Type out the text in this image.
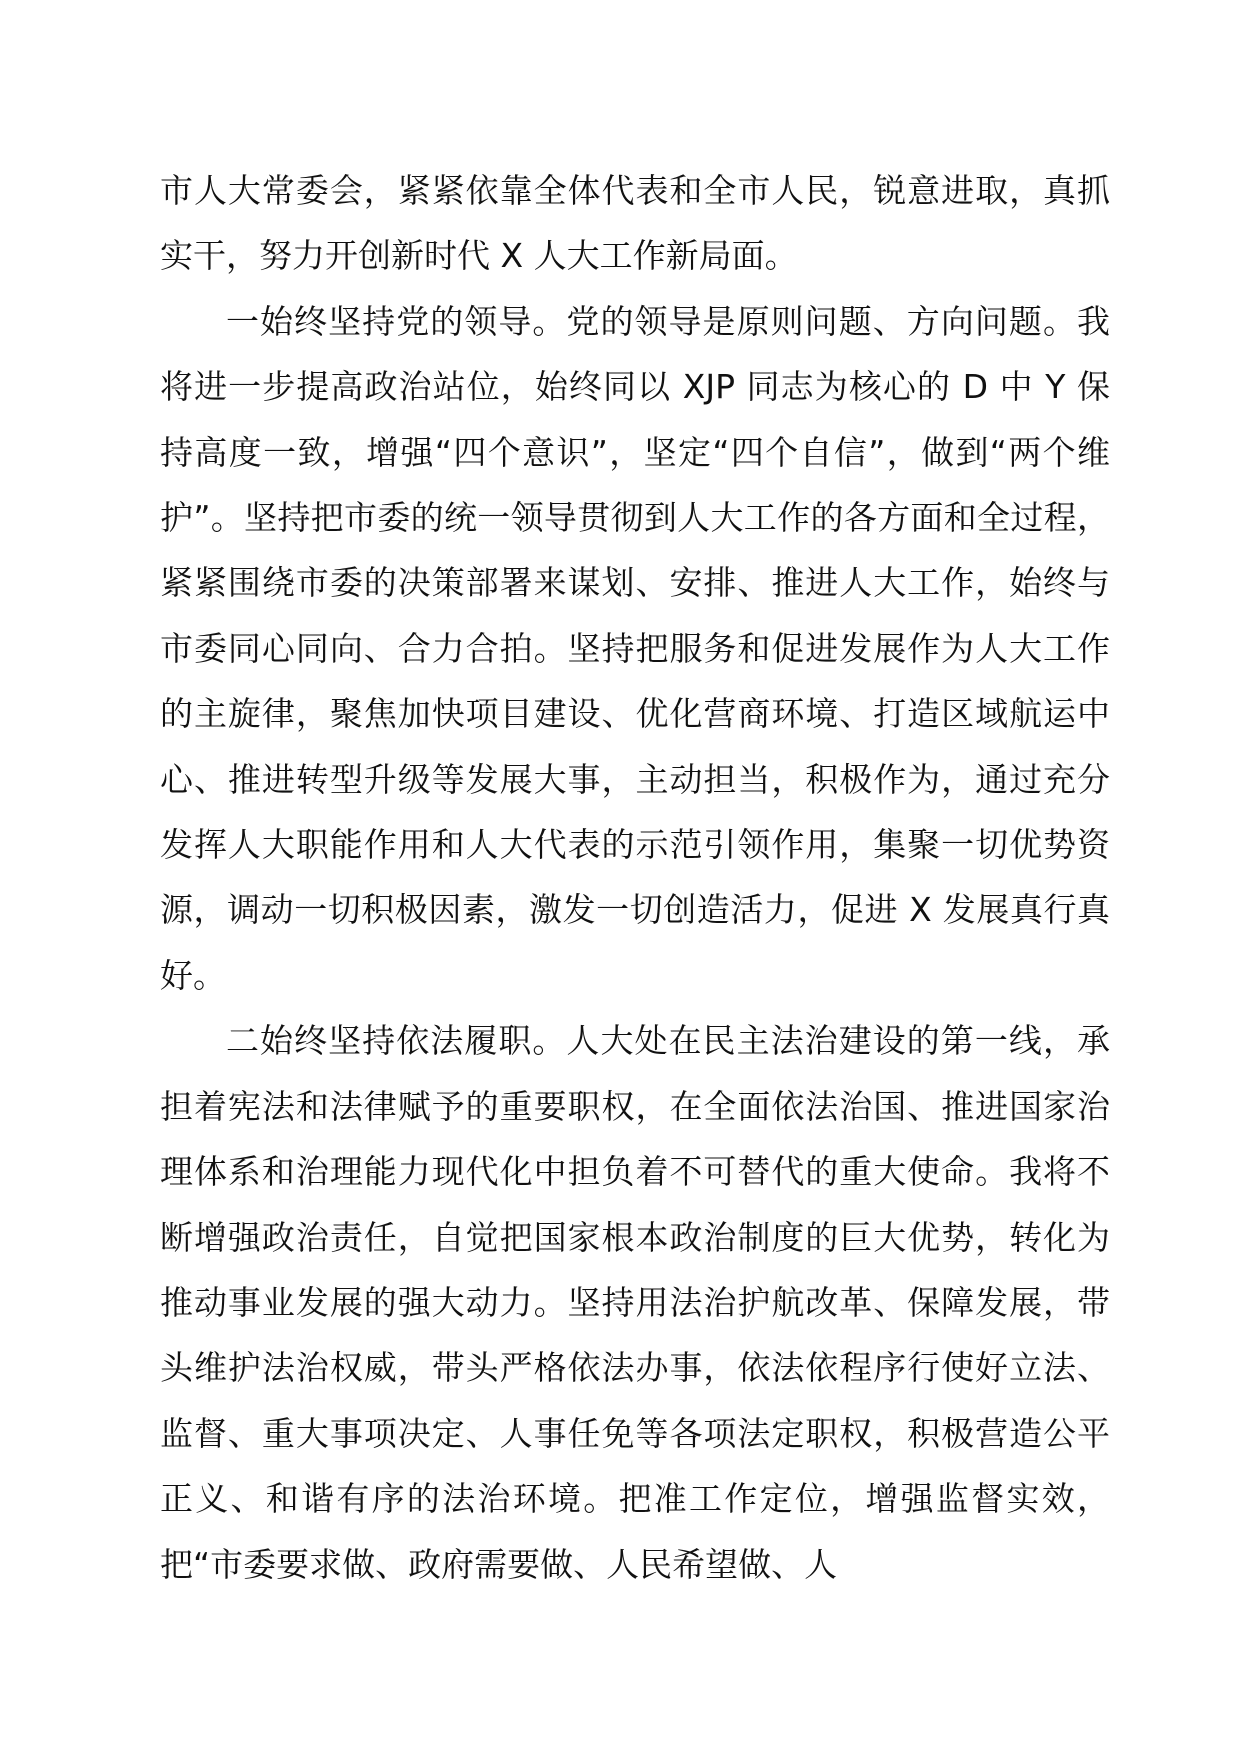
市人大常委会，紧紧依靠全体代表和全市人民，锐意进取，真抓实干，努力开创新时代 X 人大工作新局面。

一始终坚持党的领导。党的领导是原则问题、方向问题。我将进一步提高政治站位，始终同以 XJP 同志为核心的 D 中 Y 保持高度一致，增强“四个意识”，坚定“四个自信”，做到“两个维护”。坚持把市委的统一领导贯彻到人大工作的各方面和全过程，紧紧围绕市委的决策部署来谋划、安排、推进人大工作，始终与市委同心同向、合力合拍。坚持把服务和促进发展作为人大工作的主旋律，聚焦加快项目建设、优化营商环境、打造区域航运中心、推进转型升级等发展大事，主动担当，积极作为，通过充分发挥人大职能作用和人大代表的示范引领作用，集聚一切优势资源，调动一切积极因素，激发一切创造活力，促进 X 发展真行真好。

二始终坚持依法履职。人大处在民主法治建设的第一线，承担着宪法和法律赋予的重要职权，在全面依法治国、推进国家治理体系和治理能力现代化中担负着不可替代的重大使命。我将不断增强政治责任，自觉把国家根本政治制度的巨大优势，转化为推动事业发展的强大动力。坚持用法治护航改革、保障发展，带头维护法治权威，带头严格依法办事，依法依程序行使好立法、监督、重大事项决定、人事任免等各项法定职权，积极营造公平正义、和谐有序的法治环境。把准工作定位，增强监督实效，把“市委要求做、政府需要做、人民希望做、人
